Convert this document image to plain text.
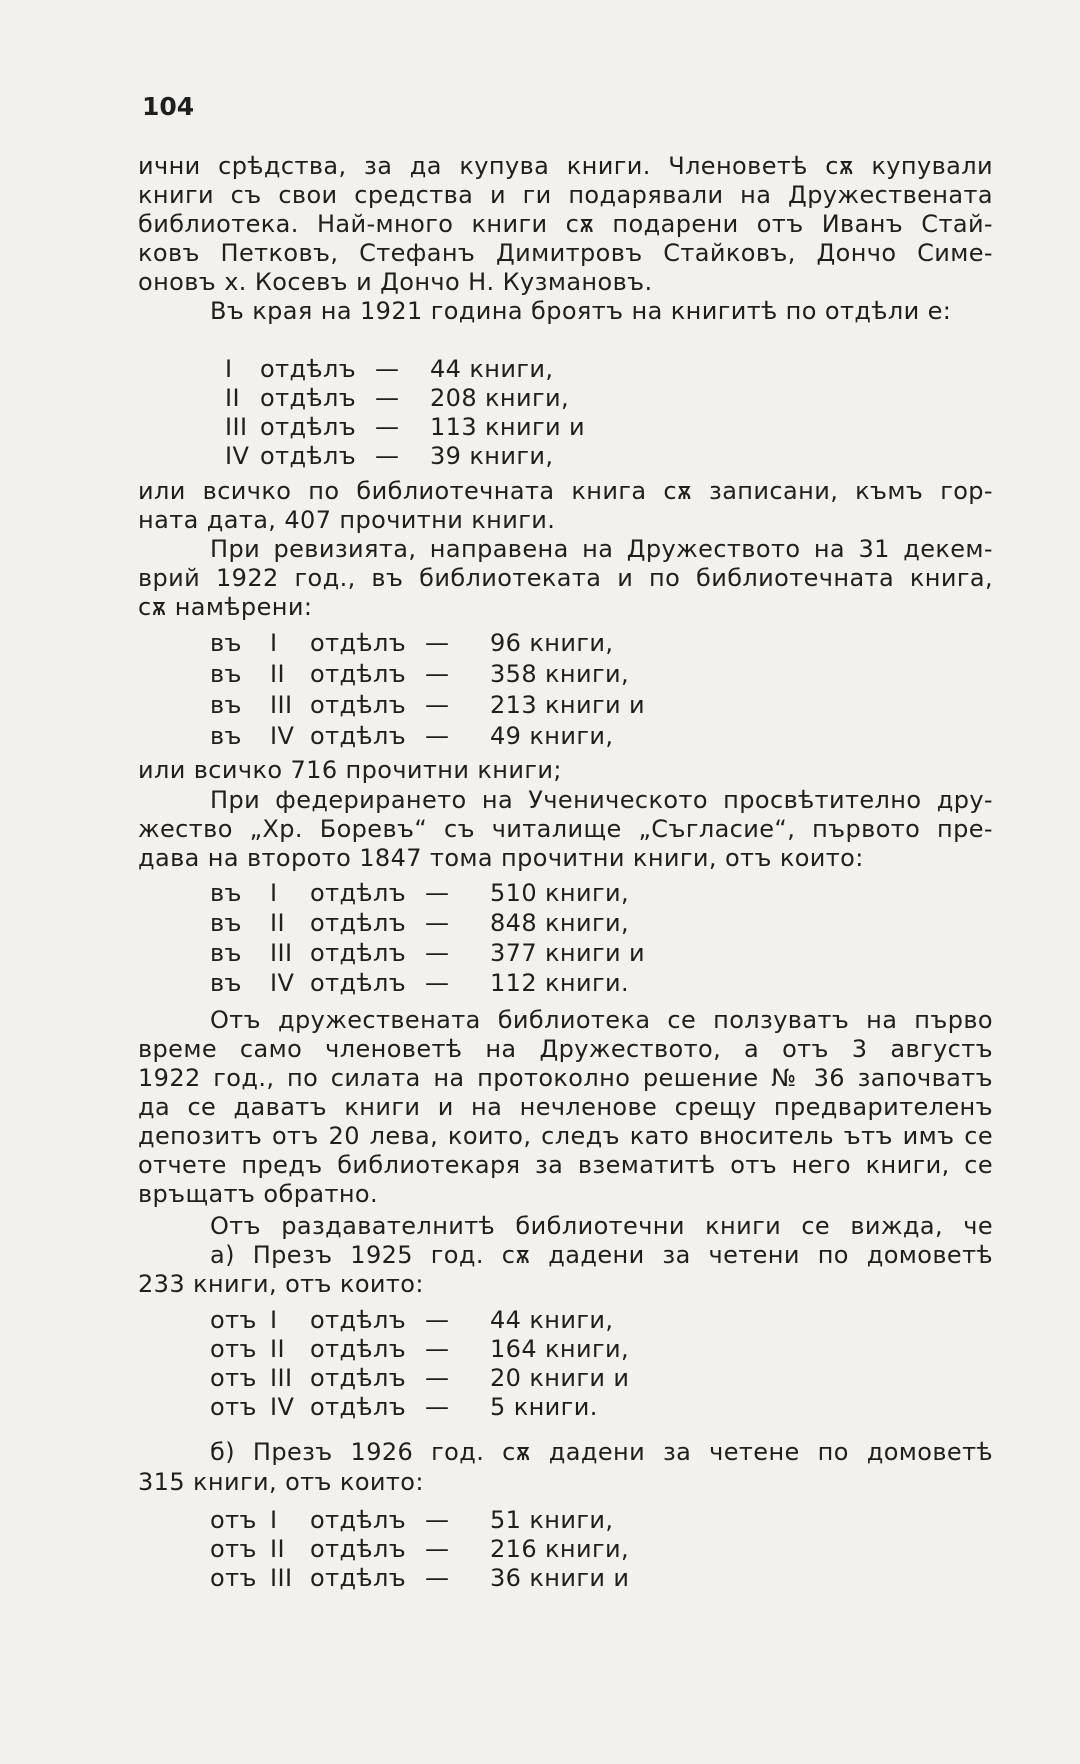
104
ични срѣдства, за да купува книги. Членоветѣ сѫ купували
книги съ свои средства и ги подарявали на Дружествената
библиотека. Най-много книги сѫ подарени отъ Иванъ Стай-
ковъ Петковъ, Стефанъ Димитровъ Стайковъ, Дончо Симе-
оновъ х. Косевъ и Дончо Н. Кузмановъ.
Въ края на 1921 година броятъ на книгитѣ по отдѣли е:
I отдѣлъ — 44 книги,
II отдѣлъ — 208 книги,
III отдѣлъ — 113 книги и
IV отдѣлъ — 39 книги,
или всичко по библиотечната книга сѫ записани, къмъ гор-
ната дата, 407 прочитни книги.
При ревизията, направена на Дружеството на 31 декем-
врий 1922 год., въ библиотеката и по библиотечната книга,
сѫ намѣрени:
въ I отдѣлъ — 96 книги,
въ II отдѣлъ — 358 книги,
въ III отдѣлъ — 213 книги и
въ IV отдѣлъ — 49 книги,
или всичко 716 прочитни книги;
При федерирането на Ученическото просвѣтително дру-
жество „Хр. Боревъ“ съ читалище „Съгласие“, първото пре-
дава на второто 1847 тома прочитни книги, отъ които:
въ I отдѣлъ — 510 книги,
въ II отдѣлъ — 848 книги,
въ III отдѣлъ — 377 книги и
въ IV отдѣлъ — 112 книги.
Отъ дружествената библиотека се ползуватъ на първо
време само членоветѣ на Дружеството, а отъ 3 августъ
1922 год., по силата на протоколно решение № 36 започватъ
да се даватъ книги и на нечленове срещу предварителенъ
депозитъ отъ 20 лева, които, следъ като вноситель ътъ имъ се
отчете предъ библиотекаря за взематитѣ отъ него книги, се
връщатъ обратно.
Отъ раздавателнитѣ библиотечни книги се вижда, че
а) Презъ 1925 год. сѫ дадени за четени по домоветѣ
233 книги, отъ които:
отъ I отдѣлъ — 44 книги,
отъ II отдѣлъ — 164 книги,
отъ III отдѣлъ — 20 книги и
отъ IV отдѣлъ — 5 книги.
б) Презъ 1926 год. сѫ дадени за четене по домоветѣ
315 книги, отъ които:
отъ I отдѣлъ — 51 книги,
отъ II отдѣлъ — 216 книги,
отъ III отдѣлъ — 36 книги и
